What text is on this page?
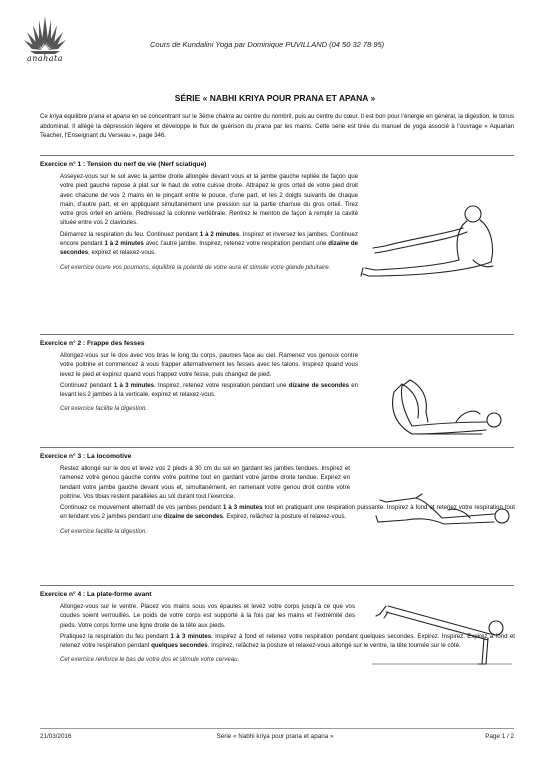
anahata
Cours de Kundalini Yoga par Dominique PUVILLAND (04 50 32 78 95)
SÉRIE « NABHI KRIYA POUR PRANA ET APANA »
Ce kriya équilibre prana et apana en se concentrant sur le 3ème chakra au centre du nombril, puis au centre du cœur. Il est bon pour l’énergie en général, la digestion, le tonus abdominal. Il allège la dépression légère et développe le flux de guérison du prana par les mains. Cette série est tirée du manuel de yoga associé à l’ouvrage « Aquarian Teacher, l’Enseignant du Verseau », page 346.
Exercice n° 1 : Tension du nerf de vie (Nerf sciatique)

Asseyez-vous sur le sol avec la jambe droite allongée devant vous et la jambe gauche repliée de façon que votre pied gauche repose à plat sur le haut de votre cuisse droite. Attrapez le gros orteil de votre pied droit avec chacune de vos 2 mains en le pinçant entre le pouce, d’une part, et les 2 doigts suivants de chaque main, d’autre part, et en appliquant simultanément une pression sur la partie charnue du gros orteil. Tirez votre gros orteil en arrière. Redressez la colonne vertébrale. Rentrez le menton de façon à remplir la cavité située entre vos 2 clavicules.

Démarrez la respiration du feu. Continuez pendant 1 à 2 minutes. Inspirez et inversez les jambes. Continuez encore pendant 1 à 2 minutes avec l’autre jambe. Inspirez, retenez votre respiration pendant une dizaine de secondes, expirez et relaxez-vous.

Cet exercice ouvre vos poumons, équilibre la polarité de votre aura et stimule votre glande pituitaire.

Exercice n° 2 : Frappe des fesses

Allongez-vous sur le dos avec vos bras le long du corps, paumes face au ciel. Ramenez vos genoux contre votre poitrine et commencez à vous frapper alternativement les fesses avec les talons. Inspirez quand vous levez le pied et expirez quand vous frappez votre fesse, puis changez de pied.

Continuez pendant 1 à 3 minutes. Inspirez, retenez votre respiration pendant une dizaine de secondes en levant les 2 jambes à la verticale, expirez et relaxez-vous.

Cet exercice facilite la digestion.

Exercice n° 3 : La locomotive

Restez allongé sur le dos et levez vos 2 pieds à 30 cm du sol en gardant les jambes tendues. Inspirez et ramenez votre genou gauche contre votre poitrine tout en gardant votre jambe droite tendue. Expirez en tendant votre jambe gauche devant vous et, simultanément, en ramenant votre genou droit contre votre poitrine. Vos tibias restent parallèles au sol durant tout l’exercice.

Continuez ce mouvement alternatif de vos jambes pendant 1 à 3 minutes tout en pratiquant une respiration puissante. Inspirez à fond et retenez votre respiration tout en tendant vos 2 jambes pendant une dizaine de secondes. Expirez, relâchez la posture et relaxez-vous.

Cet exercice facilite la digestion.

Exercice n° 4 : La plate-forme avant

Allongez-vous sur le ventre. Placez vos mains sous vos épaules et levez votre corps jusqu’à ce que vos coudes soient verrouillés. Le poids de votre corps est supporté à la fois par les mains et l’extrémité des pieds. Votre corps forme une ligne droite de la tête aux pieds.

Pratiquez la respiration du feu pendant 1 à 3 minutes. Inspirez à fond et retenez votre respiration pendant quelques secondes. Expirez. Inspirez. Expirez à fond et retenez votre respiration pendant quelques secondes. Inspirez, relâchez la posture et relaxez-vous allongé sur le ventre, la tête tournée sur le côté.

Cet exercice renforce le bas de votre dos et stimule votre cerveau.

21/03/2016	Série « Nabhi kriya pour prana et apana »	Page 1 / 2
